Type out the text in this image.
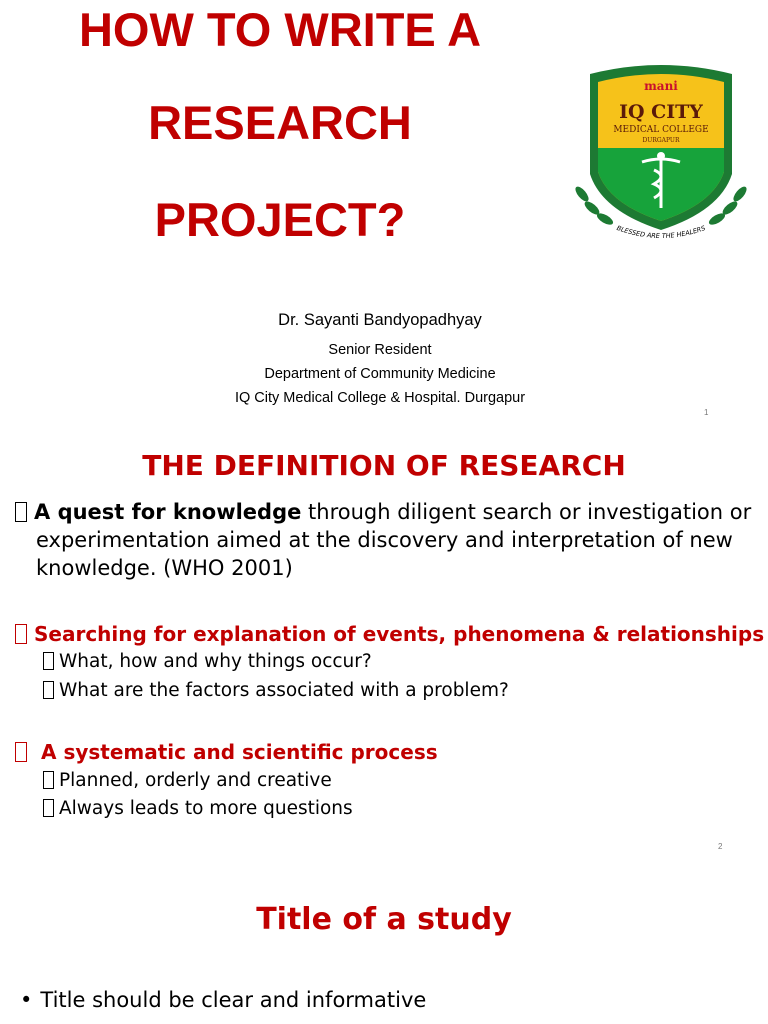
HOW TO WRITE A
RESEARCH
PROJECT?
mani
IQ CITY
MEDICAL COLLEGE
DURGAPUR
BLESSED ARE THE HEALERS
Dr. Sayanti Bandyopadhyay
Senior Resident
Department of Community Medicine
IQ City Medical College & Hospital. Durgapur
1
THE DEFINITION OF RESEARCH
A quest for knowledge through diligent search or investigation or
experimentation aimed at the discovery and interpretation of new
knowledge. (WHO 2001)
Searching for explanation of events, phenomena & relationships
What, how and why things occur?
What are the factors associated with a problem?
A systematic and scientific process
Planned, orderly and creative
Always leads to more questions
2
Title of a study
• Title should be clear and informative
